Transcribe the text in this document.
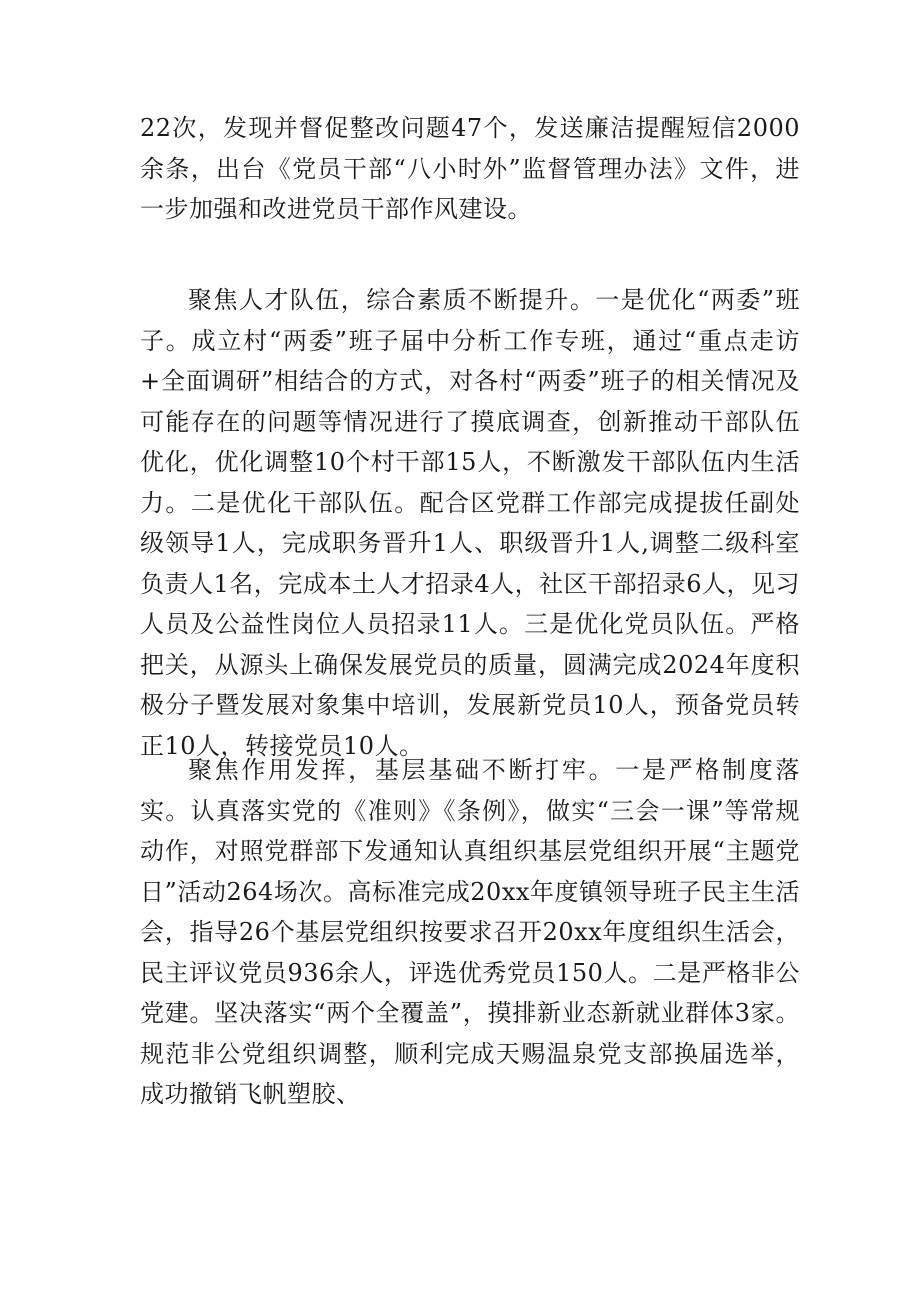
22次，发现并督促整改问题47个，发送廉洁提醒短信2000余条，出台《党员干部“八小时外”监督管理办法》文件，进一步加强和改进党员干部作风建设。

聚焦人才队伍，综合素质不断提升。一是优化“两委”班子。成立村“两委”班子届中分析工作专班，通过“重点走访+全面调研”相结合的方式，对各村“两委”班子的相关情况及可能存在的问题等情况进行了摸底调查，创新推动干部队伍优化，优化调整10个村干部15人，不断激发干部队伍内生活力。二是优化干部队伍。配合区党群工作部完成提拔任副处级领导1人，完成职务晋升1人、职级晋升1人,调整二级科室负责人1名，完成本土人才招录4人，社区干部招录6人，见习人员及公益性岗位人员招录11人。三是优化党员队伍。严格把关，从源头上确保发展党员的质量，圆满完成2024年度积极分子暨发展对象集中培训，发展新党员10人，预备党员转正10人，转接党员10人。

聚焦作用发挥，基层基础不断打牢。一是严格制度落实。认真落实党的《准则》《条例》，做实“三会一课”等常规动作，对照党群部下发通知认真组织基层党组织开展“主题党日”活动264场次。高标准完成20xx年度镇领导班子民主生活会，指导26个基层党组织按要求召开20xx年度组织生活会，民主评议党员936余人，评选优秀党员150人。二是严格非公党建。坚决落实“两个全覆盖”，摸排新业态新就业群体3家。规范非公党组织调整，顺利完成天赐温泉党支部换届选举，成功撤销飞帆塑胶、
